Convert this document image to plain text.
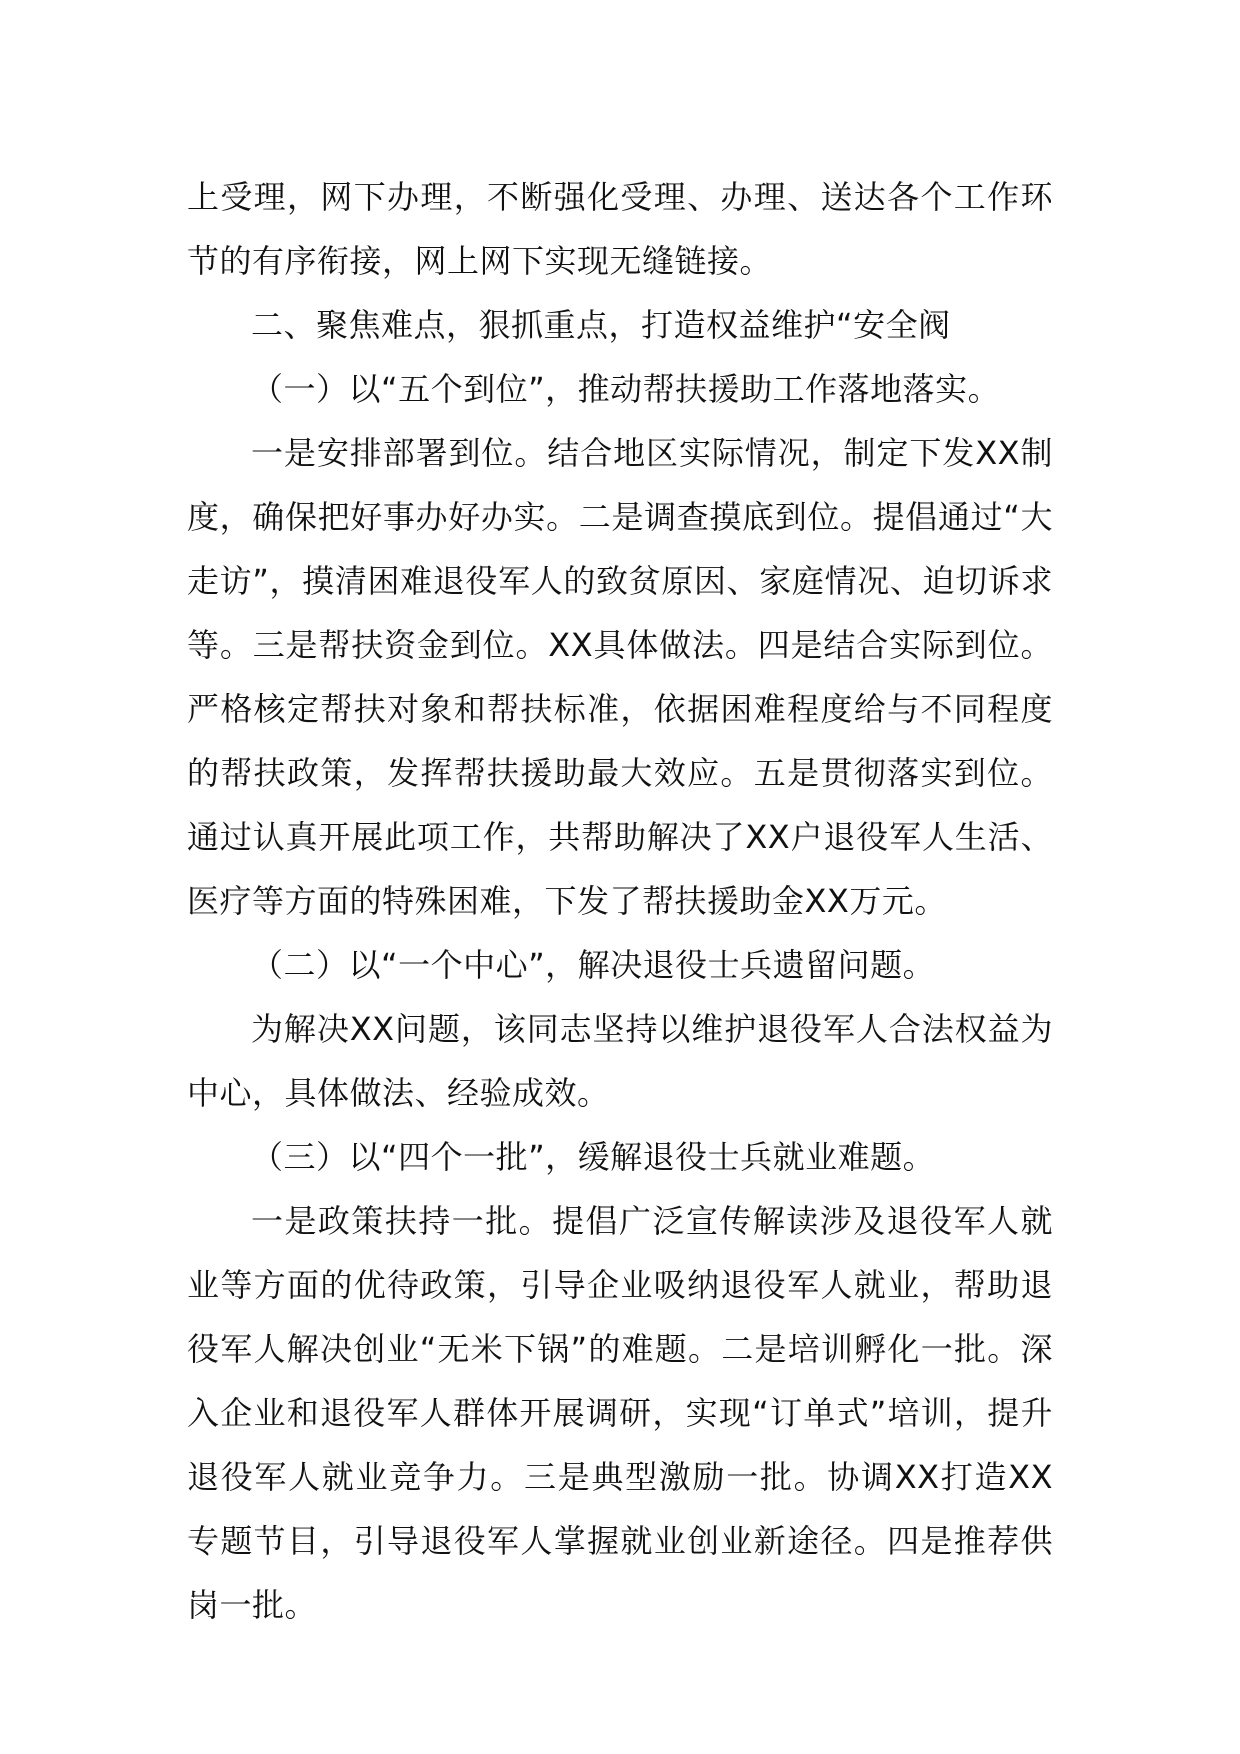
上受理，网下办理，不断强化受理、办理、送达各个工作环节的有序衔接，网上网下实现无缝链接。

二、聚焦难点，狠抓重点，打造权益维护“安全阀

（一）以“五个到位”，推动帮扶援助工作落地落实。

一是安排部署到位。结合地区实际情况，制定下发XX制度，确保把好事办好办实。二是调查摸底到位。提倡通过“大走访”，摸清困难退役军人的致贫原因、家庭情况、迫切诉求等。三是帮扶资金到位。XX具体做法。四是结合实际到位。严格核定帮扶对象和帮扶标准，依据困难程度给与不同程度的帮扶政策，发挥帮扶援助最大效应。五是贯彻落实到位。通过认真开展此项工作，共帮助解决了XX户退役军人生活、医疗等方面的特殊困难，下发了帮扶援助金XX万元。

（二）以“一个中心”，解决退役士兵遗留问题。

为解决XX问题，该同志坚持以维护退役军人合法权益为中心，具体做法、经验成效。

（三）以“四个一批”，缓解退役士兵就业难题。

一是政策扶持一批。提倡广泛宣传解读涉及退役军人就业等方面的优待政策，引导企业吸纳退役军人就业，帮助退役军人解决创业“无米下锅”的难题。二是培训孵化一批。深入企业和退役军人群体开展调研，实现“订单式”培训，提升退役军人就业竞争力。三是典型激励一批。协调XX打造XX专题节目，引导退役军人掌握就业创业新途径。四是推荐供岗一批。
